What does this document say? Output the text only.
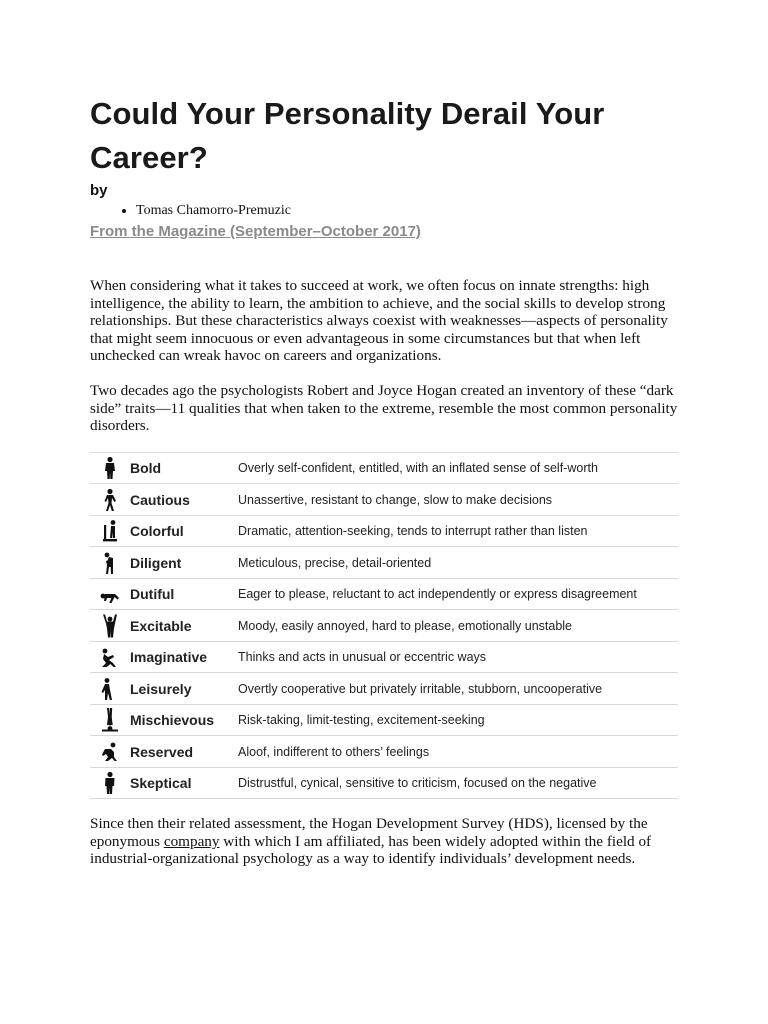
Could Your Personality Derail Your Career?
by
• Tomas Chamorro-Premuzic
From the Magazine (September–October 2017)

When considering what it takes to succeed at work, we often focus on innate strengths: high intelligence, the ability to learn, the ambition to achieve, and the social skills to develop strong relationships. But these characteristics always coexist with weaknesses—aspects of personality that might seem innocuous or even advantageous in some circumstances but that when left unchecked can wreak havoc on careers and organizations.

Two decades ago the psychologists Robert and Joyce Hogan created an inventory of these “dark side” traits—11 qualities that when taken to the extreme, resemble the most common personality disorders.

Bold	Overly self-confident, entitled, with an inflated sense of self-worth
Cautious	Unassertive, resistant to change, slow to make decisions
Colorful	Dramatic, attention-seeking, tends to interrupt rather than listen
Diligent	Meticulous, precise, detail-oriented
Dutiful	Eager to please, reluctant to act independently or express disagreement
Excitable	Moody, easily annoyed, hard to please, emotionally unstable
Imaginative	Thinks and acts in unusual or eccentric ways
Leisurely	Overtly cooperative but privately irritable, stubborn, uncooperative
Mischievous	Risk-taking, limit-testing, excitement-seeking
Reserved	Aloof, indifferent to others’ feelings
Skeptical	Distrustful, cynical, sensitive to criticism, focused on the negative

Since then their related assessment, the Hogan Development Survey (HDS), licensed by the eponymous company with which I am affiliated, has been widely adopted within the field of industrial-organizational psychology as a way to identify individuals’ development needs.
